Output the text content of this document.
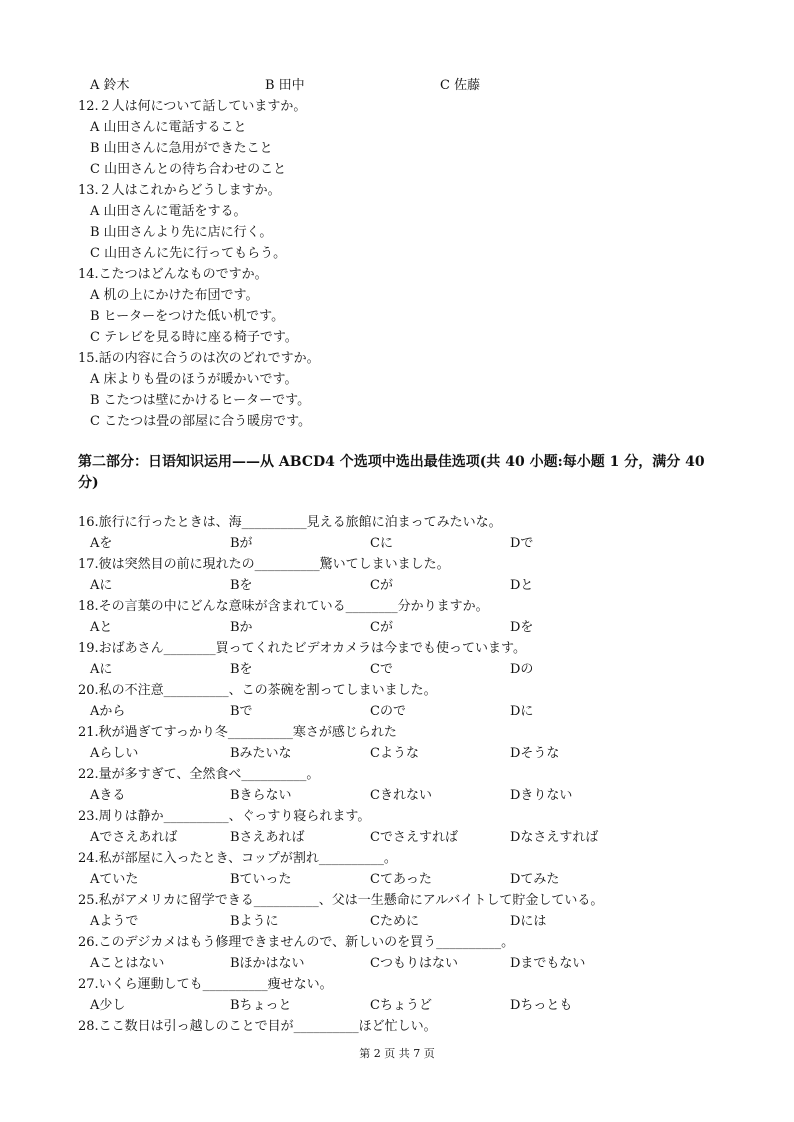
A 鈴木	B 田中	C 佐藤
12.２人は何について話していますか。
A 山田さんに電話すること
B 山田さんに急用ができたこと
C 山田さんとの待ち合わせのこと
13.２人はこれからどうしますか。
A 山田さんに電話をする。
B 山田さんより先に店に行く。
C 山田さんに先に行ってもらう。
14.こたつはどんなものですか。
A 机の上にかけた布団です。
B ヒーターをつけた低い机です。
C テレビを見る時に座る椅子です。
15.話の内容に合うのは次のどれですか。
A 床よりも畳のほうが暖かいです。
B こたつは壁にかけるヒーターです。
C こたつは畳の部屋に合う暖房です。
第二部分：日语知识运用——从 ABCD4 个选项中选出最佳选项(共 40 小题:每小题 1 分，满分 40 分)
16.旅行に行ったときは、海__________見える旅館に泊まってみたいな。
Aを	Bが	Cに	Dで
17.彼は突然目の前に現れたの__________驚いてしまいました。
Aに	Bを	Cが	Dと
18.その言葉の中にどんな意味が含まれている________分かりますか。
Aと	Bか	Cが	Dを
19.おばあさん________買ってくれたビデオカメラは今までも使っています。
Aに	Bを	Cで	Dの
20.私の不注意__________、この茶碗を割ってしまいました。
Aから	Bで	Cので	Dに
21.秋が過ぎてすっかり冬__________寒さが感じられた
Aらしい	Bみたいな	Cような	Dそうな
22.量が多すぎて、全然食べ__________。
Aきる	Bきらない	Cきれない	Dきりない
23.周りは静か__________、ぐっすり寝られます。
Aでさえあれば	Bさえあれば	Cでさえすれば	Dなさえすれば
24.私が部屋に入ったとき、コップが割れ__________。
Aていた	Bていった	Cてあった	Dてみた
25.私がアメリカに留学できる__________、父は一生懸命にアルバイトして貯金している。
Aようで	Bように	Cために	Dには
26.このデジカメはもう修理できませんので、新しいのを買う__________。
Aことはない	Bほかはない	Cつもりはない	Dまでもない
27.いくら運動しても__________痩せない。
A少し	Bちょっと	Cちょうど	Dちっとも
28.ここ数日は引っ越しのことで目が__________ほど忙しい。
第 2 页 共 7 页
